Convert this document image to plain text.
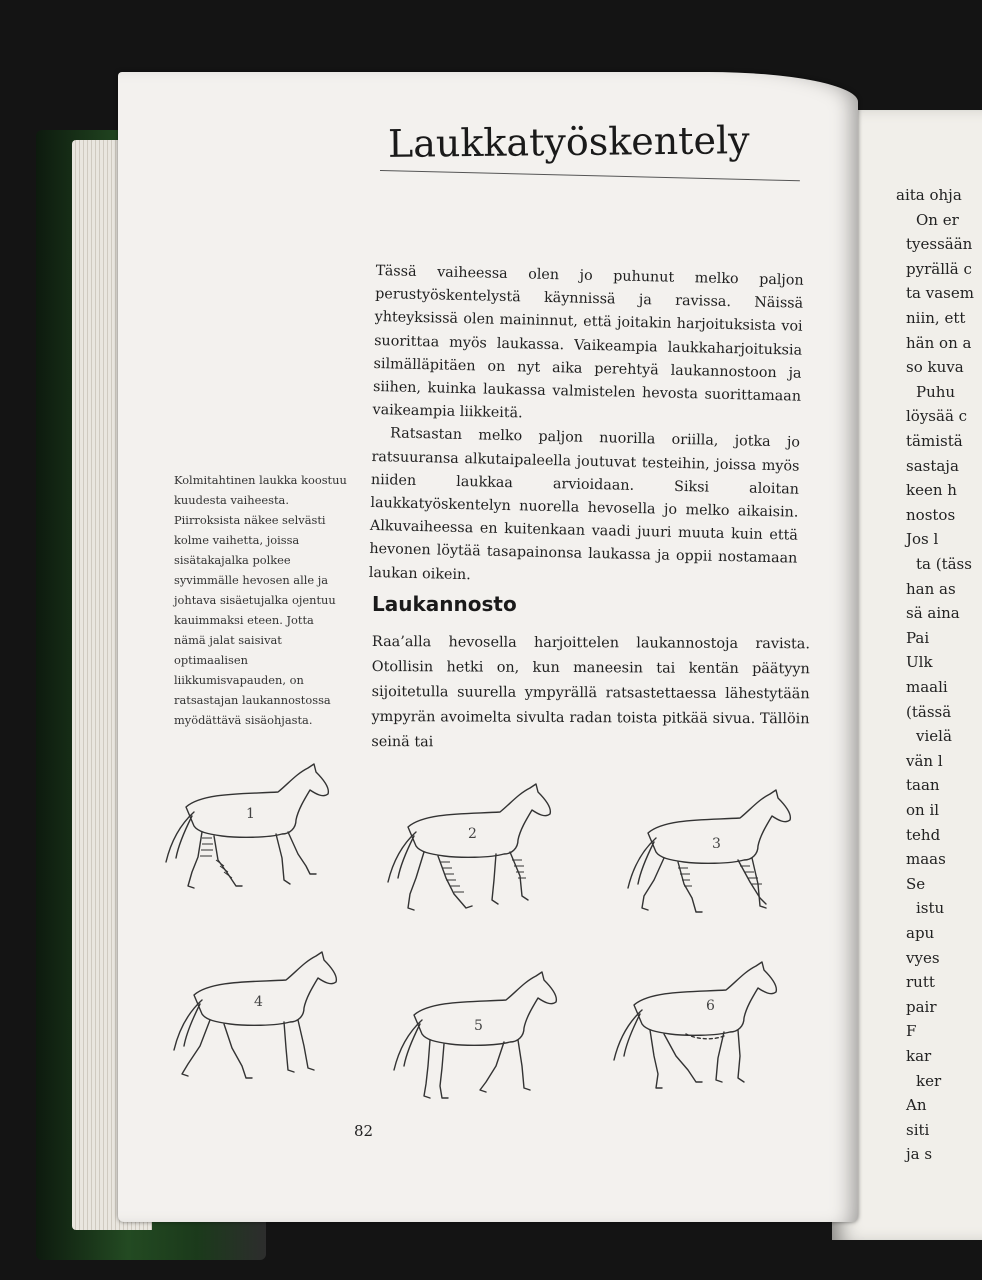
aita ohja
On er
tyessään
pyrällä c
ta vasem
niin, ett
hän on a
so kuva
Puhu
löysää c
tämistä
sastaja
keen h
nostos
Jos l
ta (täss
han as
sä aina
Pai
Ulk
maali
(tässä
vielä
vän l
taan
on il
tehd
maas
Se
istu
apu
vyes
rutt
pair
F
kar
ker
An
siti
ja s
Laukkatyöskentely

Tässä vaiheessa olen jo puhunut melko paljon perustyöskentelystä käynnissä ja ravissa. Näissä yhteyksissä olen maininnut, että joitakin harjoituksista voi suorittaa myös laukassa. Vaikeampia laukkaharjoituksia silmälläpitäen on nyt aika perehtyä laukannostoon ja siihen, kuinka laukassa valmistelen hevosta suorittamaan vaikeampia liikkeitä.

Ratsastan melko paljon nuorilla oriilla, jotka jo ratsuuransa alkutaipaleella joutuvat testeihin, joissa myös niiden laukkaa arvioidaan. Siksi aloitan laukkatyöskentelyn nuorella hevosella jo melko aikaisin. Alkuvaiheessa en kuitenkaan vaadi juuri muuta kuin että hevonen löytää tasapainonsa laukassa ja oppii nostamaan laukan oikein.

Laukannosto

Raa’alla hevosella harjoittelen laukannostoja ravista. Otollisin hetki on, kun maneesin tai kentän päätyyn sijoitetulla suurella ympyrällä ratsastettaessa lähestytään ympyrän avoimelta sivulta radan toista pitkää sivua. Tällöin seinä tai

Kolmitahtinen laukka koostuu kuudesta vaiheesta. Piirroksista näkee selvästi kolme vaihetta, joissa sisätakajalka polkee syvimmälle hevosen alle ja johtava sisäetujalka ojentuu kauimmaksi eteen. Jotta nämä jalat saisivat optimaalisen liikkumisvapauden, on ratsastajan laukannostossa myödättävä sisäohjasta.
1
2
3
4
5
6
82
